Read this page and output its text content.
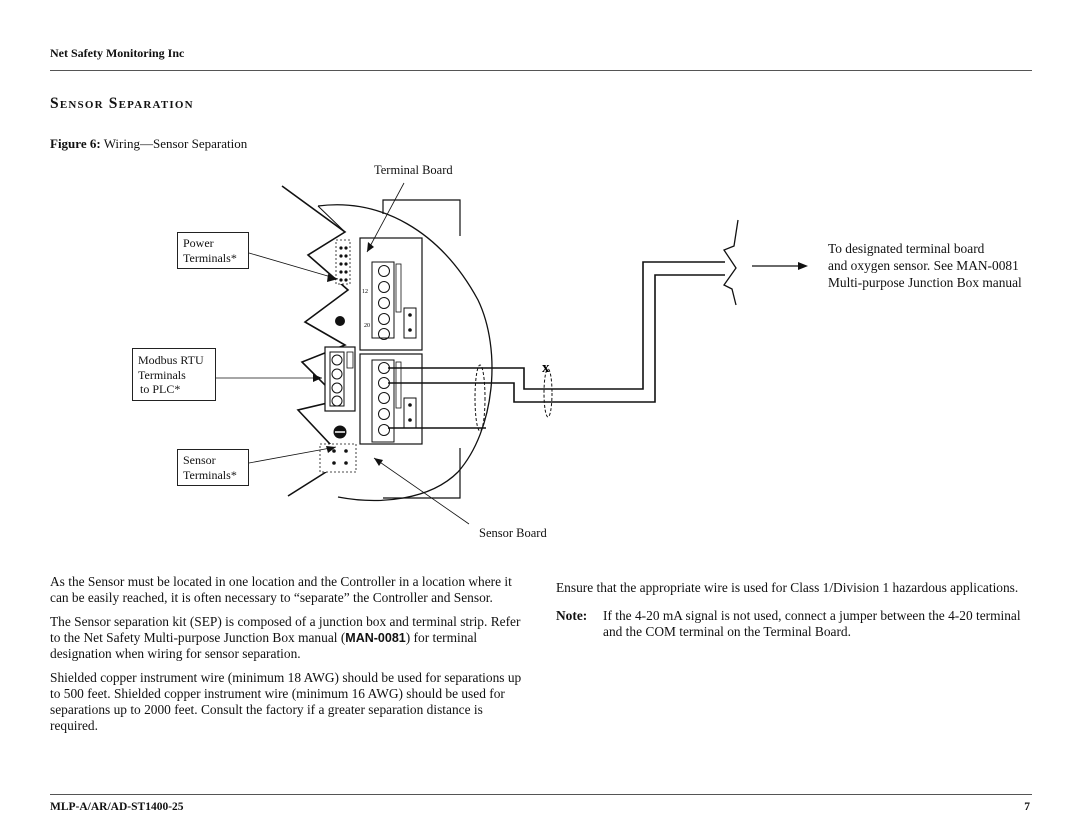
Net Safety Monitoring Inc
Sensor Separation
Figure 6: Wiring—Sensor Separation
12
20
x
Terminal Board
Sensor Board
Power Terminals*
Modbus RTU
Terminals
to PLC*
Sensor Terminals*
To designated terminal board
and oxygen sensor. See MAN-0081
Multi-purpose Junction Box manual

As the Sensor must be located in one location and the Controller in a location where it can be easily reached, it is often necessary to “separate” the Controller and Sensor.

The Sensor separation kit (SEP) is composed of a junction box and terminal strip. Refer to the Net Safety Multi-purpose Junction Box manual (MAN-0081) for terminal designation when wiring for sensor separation.

Shielded copper instrument wire (minimum 18 AWG) should be used for separations up to 500 feet. Shielded copper instrument wire (minimum 16 AWG) should be used for separations up to 2000 feet. Consult the factory if a greater separation distance is required.

Ensure that the appropriate wire is used for Class 1/Division 1 hazardous applications.

Note:	If the 4-20 mA signal is not used, connect a jumper between the 4-20 terminal and the COM terminal on the Terminal Board.
MLP-A/AR/AD-ST1400-25	7
